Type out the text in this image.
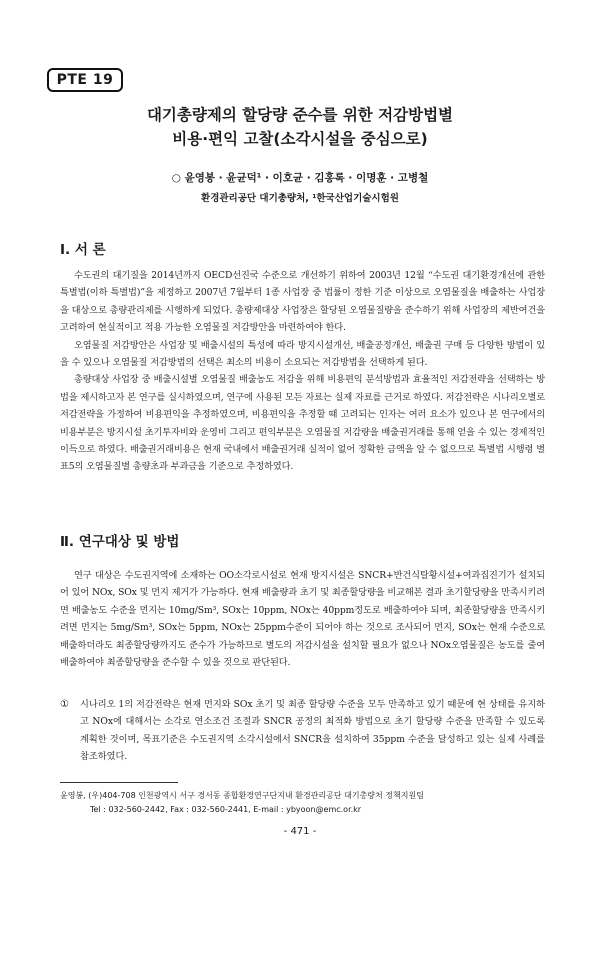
PTE 19
대기총량제의 할당량 준수를 위한 저감방법별
비용·편익 고찰(소각시설을 중심으로)
○ 윤영봉 · 윤균덕¹ · 이호균 · 김홍록 · 이명훈 · 고병철
환경관리공단 대기총량처, ¹한국산업기술시험원
Ⅰ. 서 론

수도권의 대기질을 2014년까지 OECD선진국 수준으로 개선하기 위하여 2003년 12월 “수도권 대기환경개선에 관한 특별법(이하 특별법)”을 제정하고 2007년 7월부터 1종 사업장 중 법률이 정한 기준 이상으로 오염물질을 배출하는 사업장을 대상으로 총량관리제를 시행하게 되었다. 총량제대상 사업장은 할당된 오염물질량을 준수하기 위해 사업장의 제반여건을 고려하여 현실적이고 적용 가능한 오염물질 저감방안을 마련하여야 한다.

오염물질 저감방안은 사업장 및 배출시설의 특성에 따라 방지시설개선, 배출공정개선, 배출권 구매 등 다양한 방법이 있을 수 있으나 오염물질 저감방법의 선택은 최소의 비용이 소요되는 저감방법을 선택하게 된다.

총량대상 사업장 중 배출시설별 오염물질 배출농도 저감을 위해 비용편익 분석방법과 효율적인 저감전략을 선택하는 방법을 제시하고자 본 연구를 실시하였으며, 연구에 사용된 모든 자료는 실제 자료를 근거로 하였다. 저감전략은 시나리오별로 저감전략을 가정하여 비용편익을 추정하였으며, 비용편익을 추정할 때 고려되는 인자는 여러 요소가 있으나 본 연구에서의 비용부분은 방지시설 초기투자비와 운영비 그리고 편익부분은 오염물질 저감량을 배출권거래를 통해 얻을 수 있는 경제적인 이득으로 하였다. 배출권거래비용은 현재 국내에서 배출권거래 실적이 없어 정확한 금액을 알 수 없으므로 특별법 시행령 별표5의 오염물질별 총량초과 부과금을 기준으로 추정하였다.

Ⅱ. 연구대상 및 방법

연구 대상은 수도권지역에 소재하는 OO소각로시설로 현재 방지시설은 SNCR+반건식탈황시설+여과집진기가 설치되어 있어 NOx, SOx 및 먼지 제거가 가능하다. 현재 배출량과 초기 및 최종할당량을 비교해본 결과 초기할당량을 만족시키려면 배출농도 수준을 먼지는 10mg/Sm³, SOx는 10ppm, NOx는 40ppm정도로 배출하여야 되며, 최종할당량을 만족시키려면 먼지는 5mg/Sm³, SOx는 5ppm, NOx는 25ppm수준이 되어야 하는 것으로 조사되어 먼지, SOx는 현재 수준으로 배출하더라도 최종할당량까지도 준수가 가능하므로 별도의 저감시설을 설치할 필요가 없으나 NOx오염물질은 농도를 줄여 배출하여야 최종할당량을 준수할 수 있을 것으로 판단된다.

① 시나리오 1의 저감전략은 현재 먼지와 SOx 초기 및 최종 할당량 수준을 모두 만족하고 있기 때문에 현 상태를 유지하고 NOx에 대해서는 소각로 연소조건 조절과 SNCR 공정의 최적화 방법으로 초기 할당량 수준을 만족할 수 있도록 계획한 것이며, 목표기준은 수도권지역 소각시설에서 SNCR을 설치하여 35ppm 수준을 달성하고 있는 실제 사례를 참조하였다.
윤영봉, (우)404-708 인천광역시 서구 경서동 종합환경연구단지내 환경관리공단 대기총량처 정책지원팀
Tel : 032-560-2442, Fax : 032-560-2441, E-mail : ybyoon@emc.or.kr
- 471 -
